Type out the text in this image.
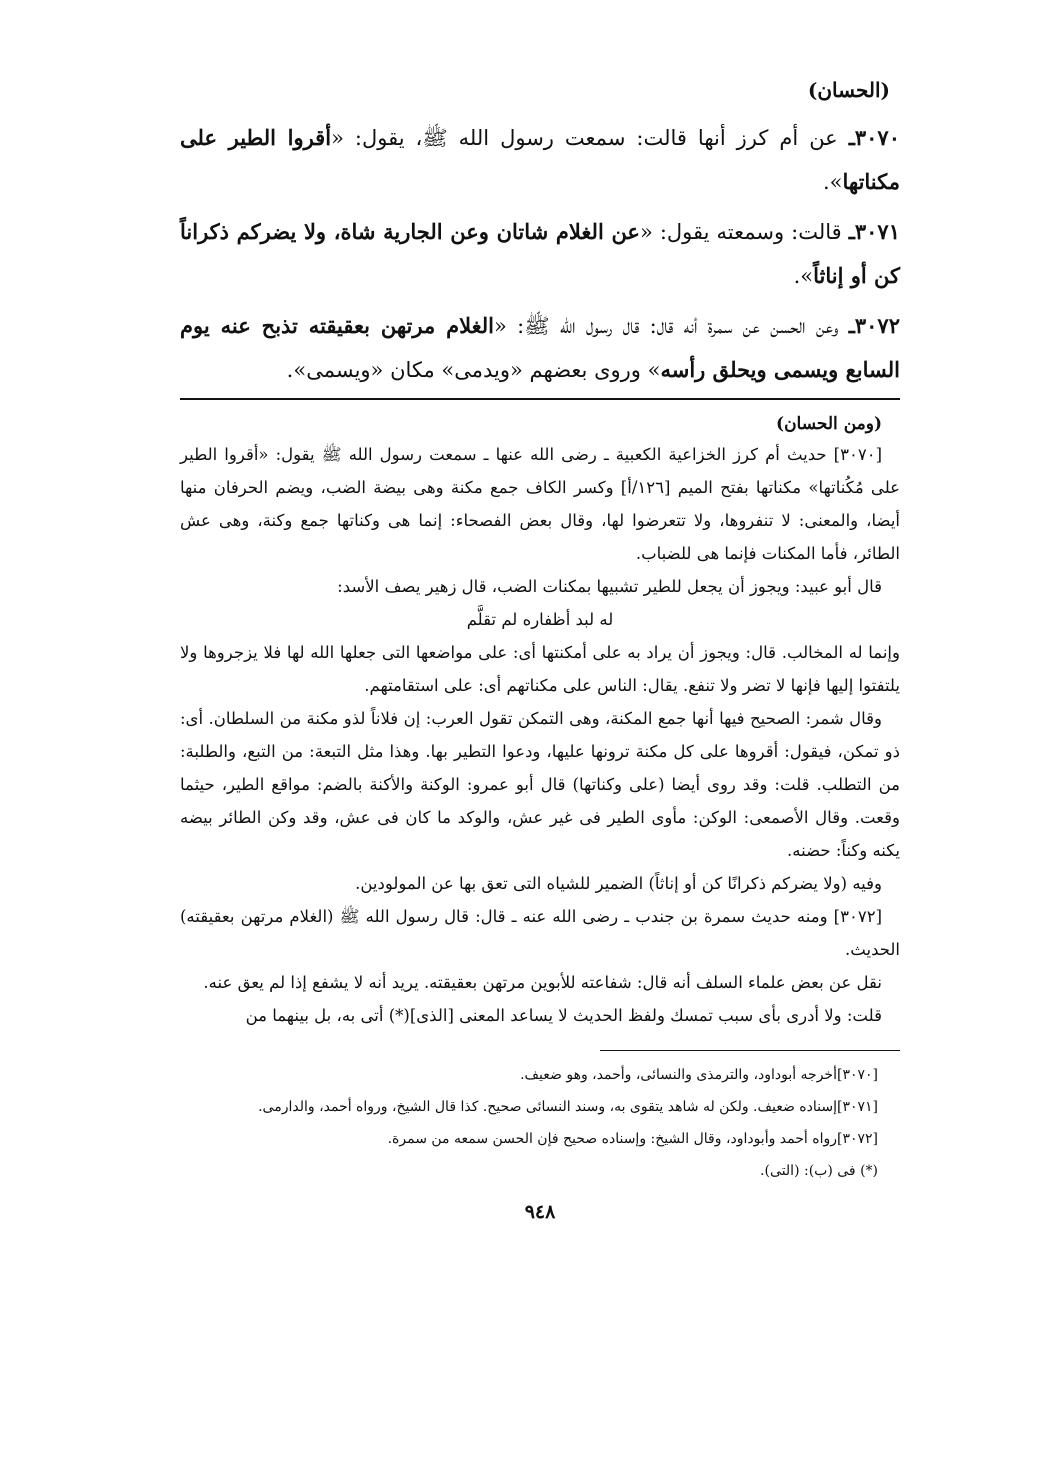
(الحسان)
٣٠٧٠ـ عن أم كرز أنها قالت: سمعت رسول الله ﷺ، يقول: «أقروا الطير على مكناتها».
٣٠٧١ـ قالت: وسمعته يقول: «عن الغلام شاتان وعن الجارية شاة، ولا يضركم ذكراناً كن أو إناثاً».
٣٠٧٢ـ وعن الحسن عن سمرة أنه قال: قال رسول الله ﷺ: «الغلام مرتهن بعقيقته تذبح عنه يوم السابع ويسمى ويحلق رأسه» وروى بعضهم «ويدمى» مكان «ويسمى».
(ومن الحسان)

[٣٠٧٠] حديث أم كرز الخزاعية الكعبية ـ رضى الله عنها ـ سمعت رسول الله ﷺ يقول: «أقروا الطير على مُكُناتها» مكناتها بفتح الميم [١٢٦/أ] وكسر الكاف جمع مكنة وهى بيضة الضب، ويضم الحرفان منها أيضا، والمعنى: لا تنفروها، ولا تتعرضوا لها، وقال بعض الفصحاء: إنما هى وكناتها جمع وكنة، وهى عش الطائر، فأما المكنات فإنما هى للضباب.

قال أبو عبيد: ويجوز أن يجعل للطير تشبيها بمكنات الضب، قال زهير يصف الأسد:

له لبد أظفاره لم تقلَّم

وإنما له المخالب. قال: ويجوز أن يراد به على أمكنتها أى: على مواضعها التى جعلها الله لها فلا يزجروها ولا يلتفتوا إليها فإنها لا تضر ولا تنفع. يقال: الناس على مكناتهم أى: على استقامتهم.

وقال شمر: الصحيح فيها أنها جمع المكنة، وهى التمكن تقول العرب: إن فلاناً لذو مكنة من السلطان. أى: ذو تمكن، فيقول: أقروها على كل مكنة ترونها عليها، ودعوا التطير بها. وهذا مثل التبعة: من التبع، والطلبة: من التطلب. قلت: وقد روى أيضا (على وكناتها) قال أبو عمرو: الوكنة والأكنة بالضم: مواقع الطير، حيثما وقعت. وقال الأصمعى: الوكن: مأوى الطير فى غير عش، والوكد ما كان فى عش، وقد وكن الطائر بيضه يكنه وكناً: حضنه.

وفيه (ولا يضركم ذكرانًا كن أو إناثاً) الضمير للشياه التى تعق بها عن المولودين.

[٣٠٧٢] ومنه حديث سمرة بن جندب ـ رضى الله عنه ـ قال: قال رسول الله ﷺ (الغلام مرتهن بعقيقته) الحديث.

نقل عن بعض علماء السلف أنه قال: شفاعته للأبوين مرتهن بعقيقته. يريد أنه لا يشفع إذا لم يعق عنه.

قلت: ولا أدرى بأى سبب تمسك ولفظ الحديث لا يساعد المعنى [الذى](*) أتى به، بل بينهما من

[٣٠٧٠]أخرجه أبوداود، والترمذى والنسائى، وأحمد، وهو ضعيف.

[٣٠٧١]إسناده ضعيف. ولكن له شاهد يتقوى به، وسند النسائى صحيح. كذا قال الشيخ، ورواه أحمد، والدارمى.

[٣٠٧٢]رواه أحمد وأبوداود، وقال الشيخ: وإسناده صحيح فإن الحسن سمعه من سمرة.

(*) فى (ب): (التى).

٩٤٨
